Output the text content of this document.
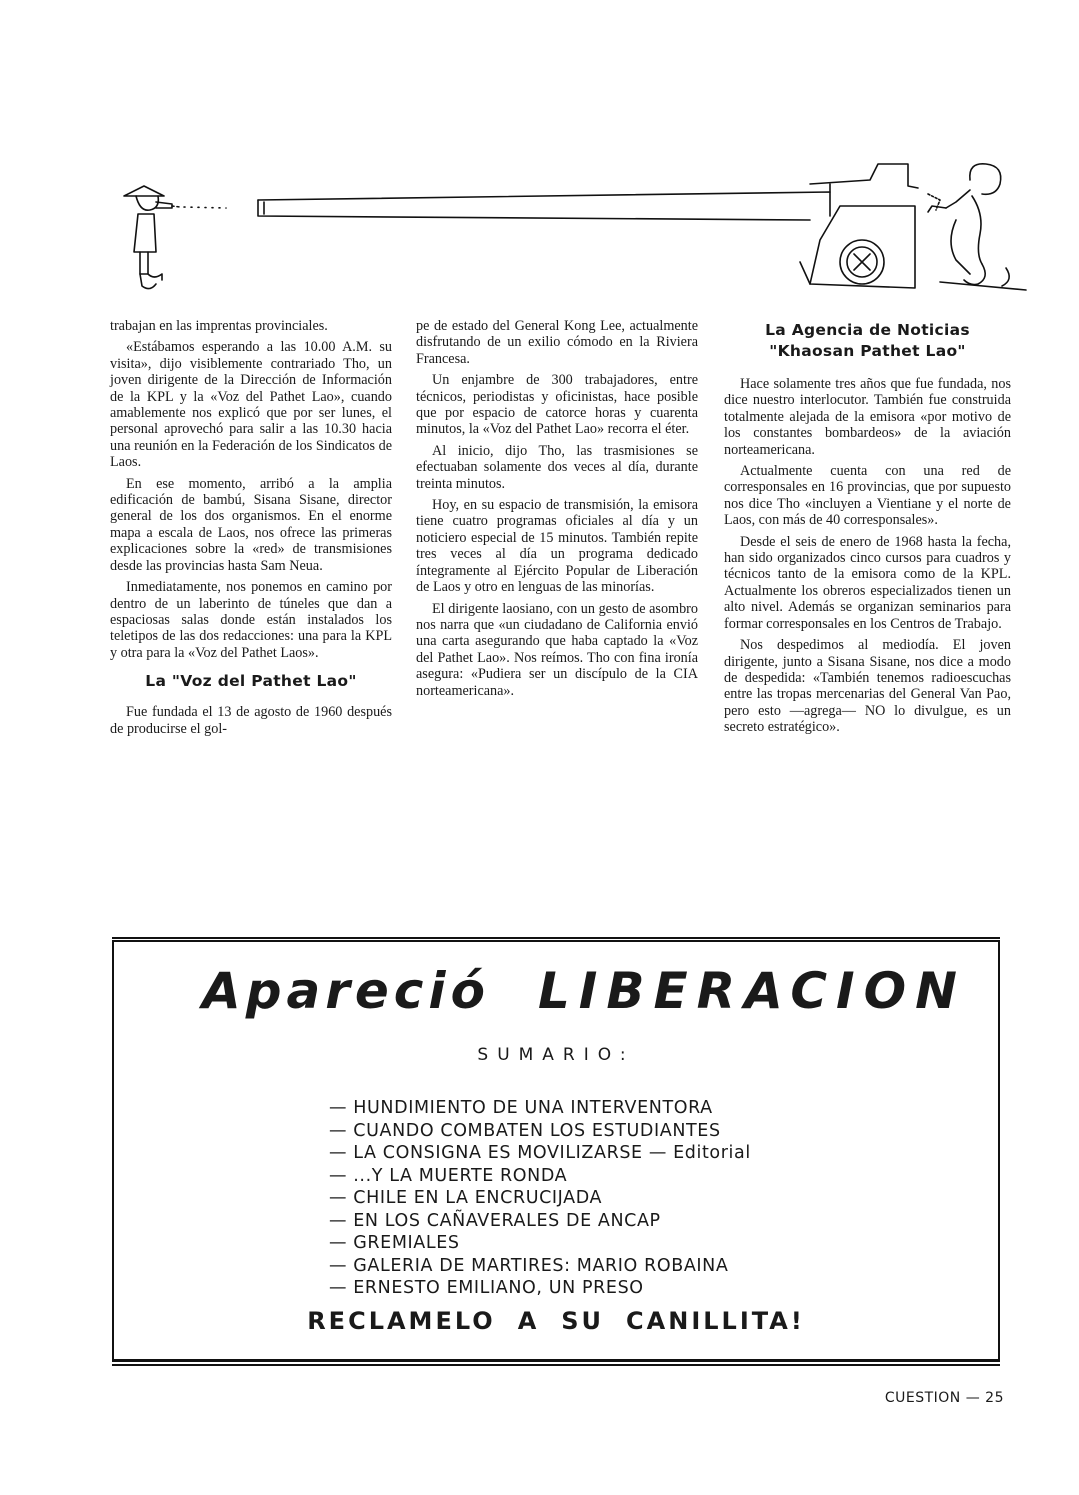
trabajan en las imprentas provinciales.

«Estábamos esperando a las 10.00 A.M. su visita», dijo visiblemente contrariado Tho, un joven dirigente de la Dirección de Información de la KPL y la «Voz del Pathet Lao», cuando amablemente nos explicó que por ser lunes, el personal aprovechó para salir a las 10.30 hacia una reunión en la Federación de los Sindicatos de Laos.

En ese momento, arribó a la amplia edificación de bambú, Sisana Sisane, director general de los dos organismos. En el enorme mapa a escala de Laos, nos ofrece las primeras explicaciones sobre la «red» de transmisiones desde las provincias hasta Sam Neua.

Inmediatamente, nos ponemos en camino por dentro de un laberinto de túneles que dan a espaciosas salas donde están instalados los teletipos de las dos redacciones: una para la KPL y otra para la «Voz del Pathet Laos».

La "Voz del Pathet Lao"

Fue fundada el 13 de agosto de 1960 después de producirse el gol-

pe de estado del General Kong Lee, actualmente disfrutando de un exilio cómodo en la Riviera Francesa.

Un enjambre de 300 trabajadores, entre técnicos, periodistas y oficinistas, hace posible que por espacio de catorce horas y cuarenta minutos, la «Voz del Pathet Lao» recorra el éter.

Al inicio, dijo Tho, las trasmisiones se efectuaban solamente dos veces al día, durante treinta minutos.

Hoy, en su espacio de transmisión, la emisora tiene cuatro programas oficiales al día y un noticiero especial de 15 minutos. También repite tres veces al día un programa dedicado íntegramente al Ejército Popular de Liberación de Laos y otro en lenguas de las minorías.

El dirigente laosiano, con un gesto de asombro nos narra que «un ciudadano de California envió una carta asegurando que haba captado la «Voz del Pathet Lao». Nos reímos. Tho con fina ironía asegura: «Pudiera ser un discípulo de la CIA norteamericana».

La Agencia de Noticias "Khaosan Pathet Lao"

Hace solamente tres años que fue fundada, nos dice nuestro interlocutor. También fue construida totalmente alejada de la emisora «por motivo de los constantes bombardeos» de la aviación norteamericana.

Actualmente cuenta con una red de corresponsales en 16 provincias, que por supuesto nos dice Tho «incluyen a Vientiane y el norte de Laos, con más de 40 corresponsales».

Desde el seis de enero de 1968 hasta la fecha, han sido organizados cinco cursos para cuadros y técnicos tanto de la emisora como de la KPL. Actualmente los obreros especializados tienen un alto nivel. Además se organizan seminarios para formar corresponsales en los Centros de Trabajo.

Nos despedimos al mediodía. El joven dirigente, junto a Sisana Sisane, nos dice a modo de despedida: «También tenemos radioescuchas entre las tropas mercenarias del General Van Pao, pero esto —agrega— NO lo divulgue, es un secreto estratégico».

Apareció LIBERACION
SUMARIO:
— HUNDIMIENTO DE UNA INTERVENTORA
— CUANDO COMBATEN LOS ESTUDIANTES
— LA CONSIGNA ES MOVILIZARSE — Editorial
— ...Y LA MUERTE RONDA
— CHILE EN LA ENCRUCIJADA
— EN LOS CAÑAVERALES DE ANCAP
— GREMIALES
— GALERIA DE MARTIRES: MARIO ROBAINA
— ERNESTO EMILIANO, UN PRESO
RECLAMELO A SU CANILLITA!
CUESTION — 25
